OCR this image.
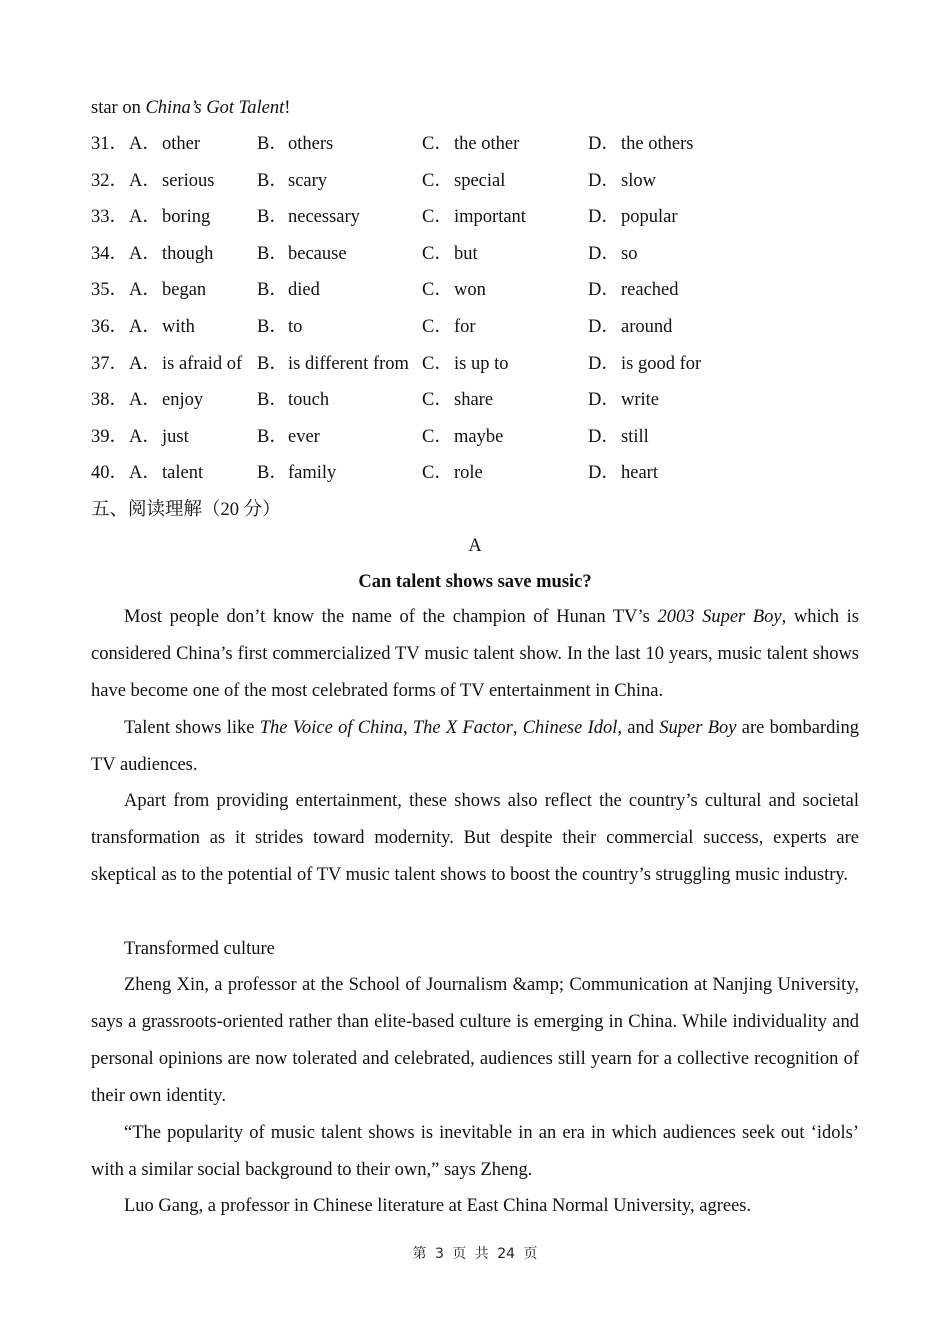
star on China’s Got Talent!
31． A． other	B． others	C． the other	D． the others
32． A． serious B． scary	C． special	D． slow
33． A． boring	B． necessary	C． important	D． popular
34． A． though B． because	C． but	D． so
35． A． began	B． died	C． won	D． reached
36． A． with	B． to	C． for	D． around
37． A． is afraid of B． is different from C． is up to	D． is good for
38． A． enjoy	B． touch	C． share	D． write
39． A． just	B． ever	C． maybe	D． still
40． A． talent	B． family	C． role	D． heart
五、阅读理解（20 分）
A
Can talent shows save music?
Most people don’t know the name of the champion of Hunan TV’s 2003 Super Boy, which is considered China’s first commercialized TV music talent show. In the last 10 years, music talent shows have become one of the most celebrated forms of TV entertainment in China.
Talent shows like The Voice of China, The X Factor, Chinese Idol, and Super Boy are bombarding TV audiences.
Apart from providing entertainment, these shows also reflect the country’s cultural and societal transformation as it strides toward modernity. But despite their commercial success, experts are skeptical as to the potential of TV music talent shows to boost the country’s struggling music industry.
Transformed culture
Zheng Xin, a professor at the School of Journalism &amp; Communication at Nanjing University, says a grassroots-oriented rather than elite-based culture is emerging in China. While individuality and personal opinions are now tolerated and celebrated, audiences still yearn for a collective recognition of their own identity.
“The popularity of music talent shows is inevitable in an era in which audiences seek out ‘idols’ with a similar social background to their own,” says Zheng.
Luo Gang, a professor in Chinese literature at East China Normal University, agrees.
第 3 页 共 24 页
